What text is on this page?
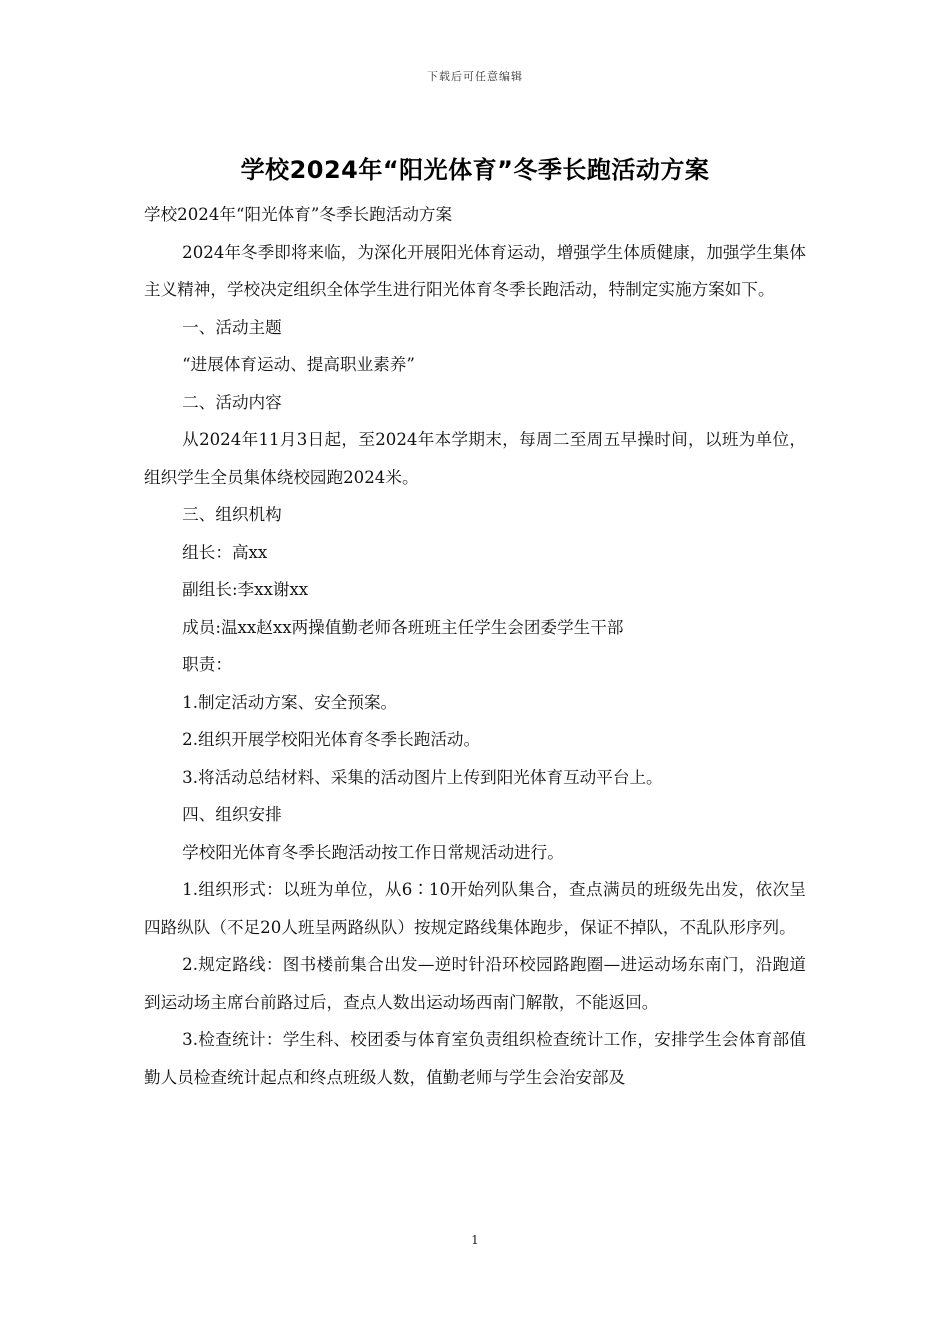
下载后可任意编辑
学校2024年“阳光体育”冬季长跑活动方案

学校2024年“阳光体育”冬季长跑活动方案

2024年冬季即将来临，为深化开展阳光体育运动，增强学生体质健康，加强学生集体主义精神，学校决定组织全体学生进行阳光体育冬季长跑活动，特制定实施方案如下。

一、活动主题

“进展体育运动、提高职业素养”

二、活动内容

从2024年11月3日起，至2024年本学期末，每周二至周五早操时间，以班为单位，组织学生全员集体绕校园跑2024米。

三、组织机构

组长：高xx

副组长:李xx谢xx

成员:温xx赵xx两操值勤老师各班班主任学生会团委学生干部

职责：

1.制定活动方案、安全预案。

2.组织开展学校阳光体育冬季长跑活动。

3.将活动总结材料、采集的活动图片上传到阳光体育互动平台上。

四、组织安排

学校阳光体育冬季长跑活动按工作日常规活动进行。

1.组织形式：以班为单位，从6∶10开始列队集合，查点满员的班级先出发，依次呈四路纵队（不足20人班呈两路纵队）按规定路线集体跑步，保证不掉队，不乱队形序列。

2.规定路线：图书楼前集合出发—逆时针沿环校园路跑圈—进运动场东南门，沿跑道到运动场主席台前路过后，查点人数出运动场西南门解散，不能返回。

3.检查统计：学生科、校团委与体育室负责组织检查统计工作，安排学生会体育部值勤人员检查统计起点和终点班级人数，值勤老师与学生会治安部及

1
